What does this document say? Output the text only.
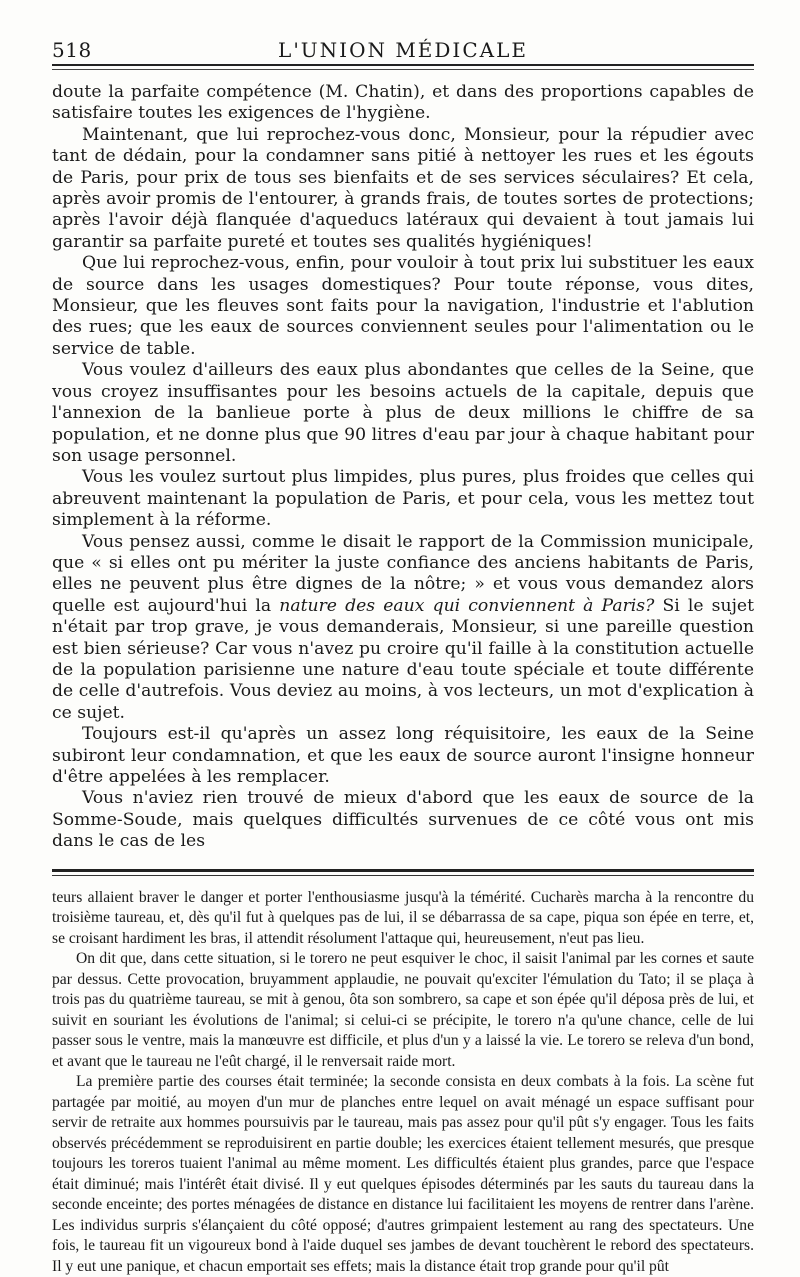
518	L'UNION MÉDICALE

doute la parfaite compétence (M. Chatin), et dans des proportions capables de satisfaire toutes les exigences de l'hygiène.

Maintenant, que lui reprochez-vous donc, Monsieur, pour la répudier avec tant de dédain, pour la condamner sans pitié à nettoyer les rues et les égouts de Paris, pour prix de tous ses bienfaits et de ses services séculaires? Et cela, après avoir promis de l'entourer, à grands frais, de toutes sortes de protections; après l'avoir déjà flanquée d'aqueducs latéraux qui devaient à tout jamais lui garantir sa parfaite pureté et toutes ses qualités hygiéniques!

Que lui reprochez-vous, enfin, pour vouloir à tout prix lui substituer les eaux de source dans les usages domestiques? Pour toute réponse, vous dites, Monsieur, que les fleuves sont faits pour la navigation, l'industrie et l'ablution des rues; que les eaux de sources conviennent seules pour l'alimentation ou le service de table.

Vous voulez d'ailleurs des eaux plus abondantes que celles de la Seine, que vous croyez insuffisantes pour les besoins actuels de la capitale, depuis que l'annexion de la banlieue porte à plus de deux millions le chiffre de sa population, et ne donne plus que 90 litres d'eau par jour à chaque habitant pour son usage personnel.

Vous les voulez surtout plus limpides, plus pures, plus froides que celles qui abreuvent maintenant la population de Paris, et pour cela, vous les mettez tout simplement à la réforme.

Vous pensez aussi, comme le disait le rapport de la Commission municipale, que « si elles ont pu mériter la juste confiance des anciens habitants de Paris, elles ne peuvent plus être dignes de la nôtre; » et vous vous demandez alors quelle est aujourd'hui la nature des eaux qui conviennent à Paris? Si le sujet n'était par trop grave, je vous demanderais, Monsieur, si une pareille question est bien sérieuse? Car vous n'avez pu croire qu'il faille à la constitution actuelle de la population parisienne une nature d'eau toute spéciale et toute différente de celle d'autrefois. Vous deviez au moins, à vos lecteurs, un mot d'explication à ce sujet.

Toujours est-il qu'après un assez long réquisitoire, les eaux de la Seine subiront leur condamnation, et que les eaux de source auront l'insigne honneur d'être appelées à les remplacer.

Vous n'aviez rien trouvé de mieux d'abord que les eaux de source de la Somme-Soude, mais quelques difficultés survenues de ce côté vous ont mis dans le cas de les

teurs allaient braver le danger et porter l'enthousiasme jusqu'à la témérité. Cucharès marcha à la rencontre du troisième taureau, et, dès qu'il fut à quelques pas de lui, il se débarrassa de sa cape, piqua son épée en terre, et, se croisant hardiment les bras, il attendit résolument l'attaque qui, heureusement, n'eut pas lieu.

On dit que, dans cette situation, si le torero ne peut esquiver le choc, il saisit l'animal par les cornes et saute par dessus. Cette provocation, bruyamment applaudie, ne pouvait qu'exciter l'émulation du Tato; il se plaça à trois pas du quatrième taureau, se mit à genou, ôta son sombrero, sa cape et son épée qu'il déposa près de lui, et suivit en souriant les évolutions de l'animal; si celui-ci se précipite, le torero n'a qu'une chance, celle de lui passer sous le ventre, mais la manœuvre est difficile, et plus d'un y a laissé la vie. Le torero se releva d'un bond, et avant que le taureau ne l'eût chargé, il le renversait raide mort.

La première partie des courses était terminée; la seconde consista en deux combats à la fois. La scène fut partagée par moitié, au moyen d'un mur de planches entre lequel on avait ménagé un espace suffisant pour servir de retraite aux hommes poursuivis par le taureau, mais pas assez pour qu'il pût s'y engager. Tous les faits observés précédemment se reproduisirent en partie double; les exercices étaient tellement mesurés, que presque toujours les toreros tuaient l'animal au même moment. Les difficultés étaient plus grandes, parce que l'espace était diminué; mais l'intérêt était divisé. Il y eut quelques épisodes déterminés par les sauts du taureau dans la seconde enceinte; des portes ménagées de distance en distance lui facilitaient les moyens de rentrer dans l'arène. Les individus surpris s'élançaient du côté opposé; d'autres grimpaient lestement au rang des spectateurs. Une fois, le taureau fit un vigoureux bond à l'aide duquel ses jambes de devant touchèrent le rebord des spectateurs. Il y eut une panique, et chacun emportait ses effets; mais la distance était trop grande pour qu'il pût
